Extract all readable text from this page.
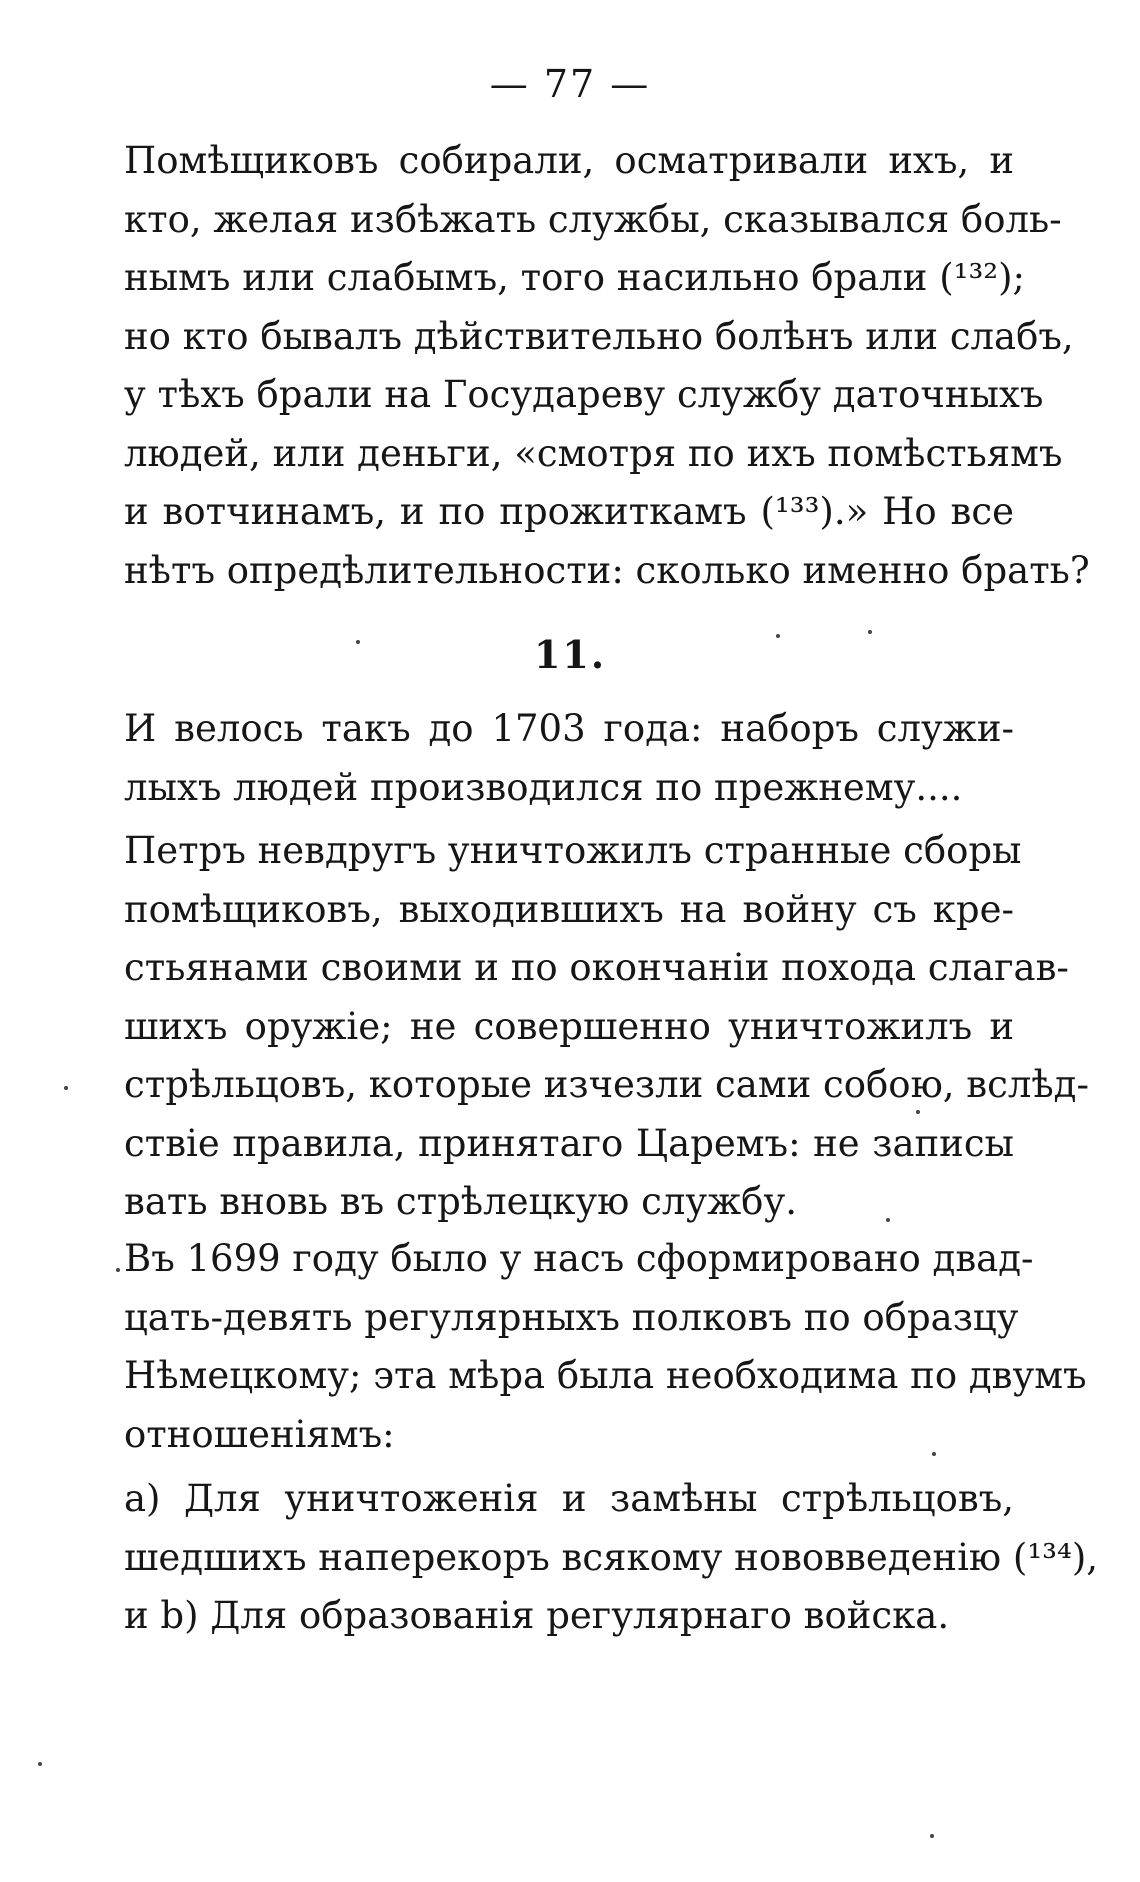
— 77 —
Помѣщиковъ собирали, осматривали ихъ, и
кто, желая избѣжать службы, сказывался боль-
нымъ или слабымъ, того насильно брали (¹³²);
но кто бывалъ дѣйствительно болѣнъ или слабъ,
у тѣхъ брали на Государеву службу даточныхъ
людей, или деньги, «смотря по ихъ помѣстьямъ
и вотчинамъ, и по прожиткамъ (¹³³).» Но все
нѣтъ опредѣлительности: сколько именно брать?
11.
И велось такъ до 1703 года: наборъ служи-
лыхъ людей производился по прежнему....
Петръ невдругъ уничтожилъ странные сборы
помѣщиковъ, выходившихъ на войну съ кре-
стьянами своими и по окончаніи похода слагав-
шихъ оружіе; не совершенно уничтожилъ и
стрѣльцовъ, которые изчезли сами собою, вслѣд-
ствіе правила, принятаго Царемъ: не записы
вать вновь въ стрѣлецкую службу.
Въ 1699 году было у насъ сформировано двад-
цать-девять регулярныхъ полковъ по образцу
Нѣмецкому; эта мѣра была необходима по двумъ
отношеніямъ:
a) Для уничтоженія и замѣны стрѣльцовъ,
шедшихъ наперекоръ всякому нововведенію (¹³⁴),
и b) Для образованія регулярнаго войска.
